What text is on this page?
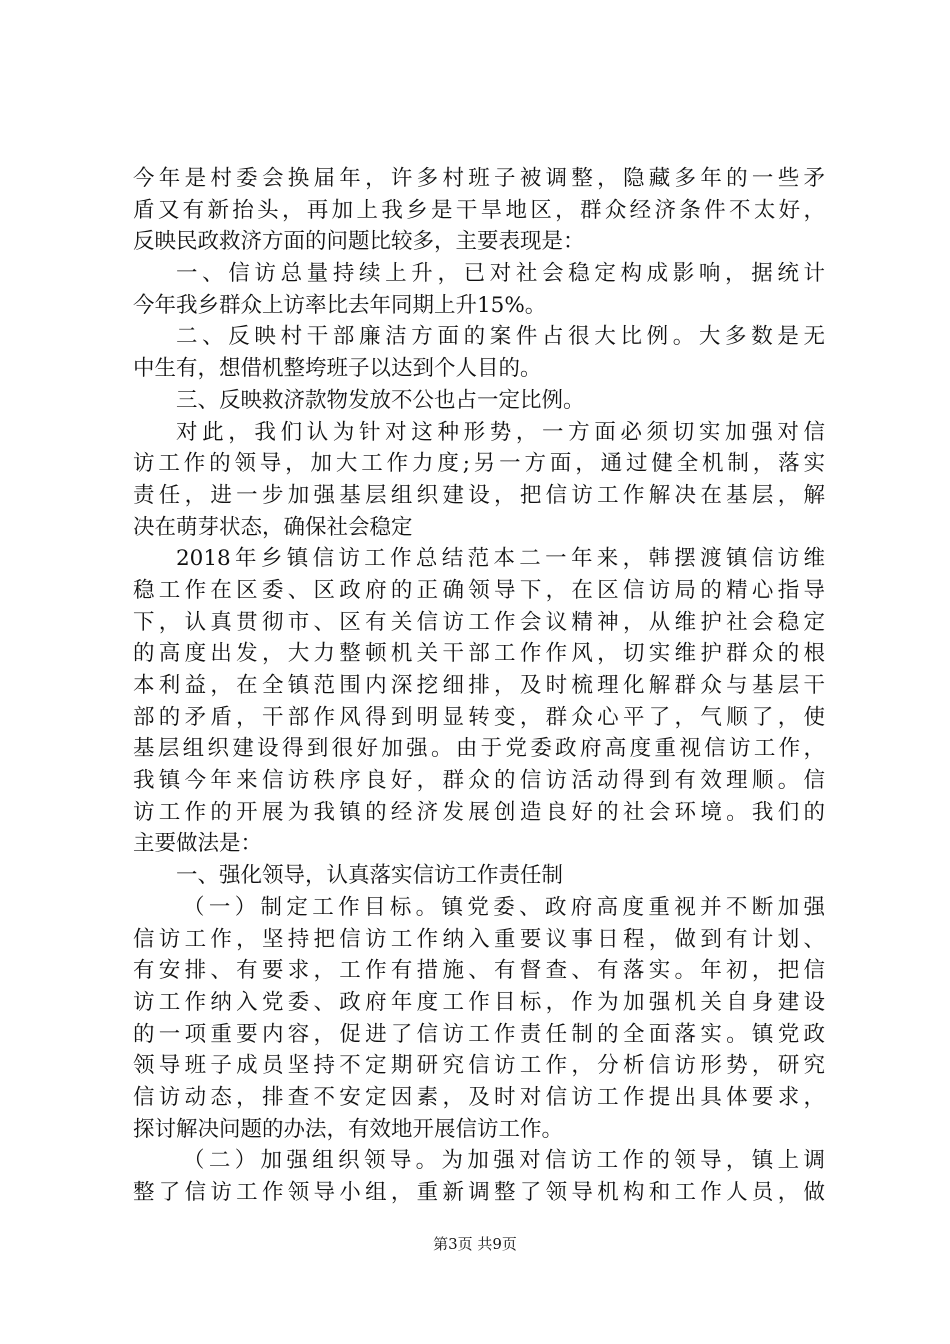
今年是村委会换届年，许多村班子被调整，隐藏多年的一些矛
盾又有新抬头，再加上我乡是干旱地区，群众经济条件不太好，
反映民政救济方面的问题比较多，主要表现是：
一、信访总量持续上升，已对社会稳定构成影响，据统计
今年我乡群众上访率比去年同期上升15%。
二、反映村干部廉洁方面的案件占很大比例。大多数是无
中生有，想借机整垮班子以达到个人目的。
三、反映救济款物发放不公也占一定比例。
对此，我们认为针对这种形势，一方面必须切实加强对信
访工作的领导，加大工作力度;另一方面，通过健全机制，落实
责任，进一步加强基层组织建设，把信访工作解决在基层，解
决在萌芽状态，确保社会稳定
2018年乡镇信访工作总结范本二一年来，韩摆渡镇信访维
稳工作在区委、区政府的正确领导下，在区信访局的精心指导
下，认真贯彻市、区有关信访工作会议精神，从维护社会稳定
的高度出发，大力整顿机关干部工作作风，切实维护群众的根
本利益，在全镇范围内深挖细排，及时梳理化解群众与基层干
部的矛盾，干部作风得到明显转变，群众心平了，气顺了，使
基层组织建设得到很好加强。由于党委政府高度重视信访工作，
我镇今年来信访秩序良好，群众的信访活动得到有效理顺。信
访工作的开展为我镇的经济发展创造良好的社会环境。我们的
主要做法是：
一、强化领导，认真落实信访工作责任制
（一）制定工作目标。镇党委、政府高度重视并不断加强
信访工作，坚持把信访工作纳入重要议事日程，做到有计划、
有安排、有要求，工作有措施、有督查、有落实。年初，把信
访工作纳入党委、政府年度工作目标，作为加强机关自身建设
的一项重要内容，促进了信访工作责任制的全面落实。镇党政
领导班子成员坚持不定期研究信访工作，分析信访形势，研究
信访动态，排查不安定因素，及时对信访工作提出具体要求，
探讨解决问题的办法，有效地开展信访工作。
（二）加强组织领导。为加强对信访工作的领导，镇上调
整了信访工作领导小组，重新调整了领导机构和工作人员，做
第3页 共9页
